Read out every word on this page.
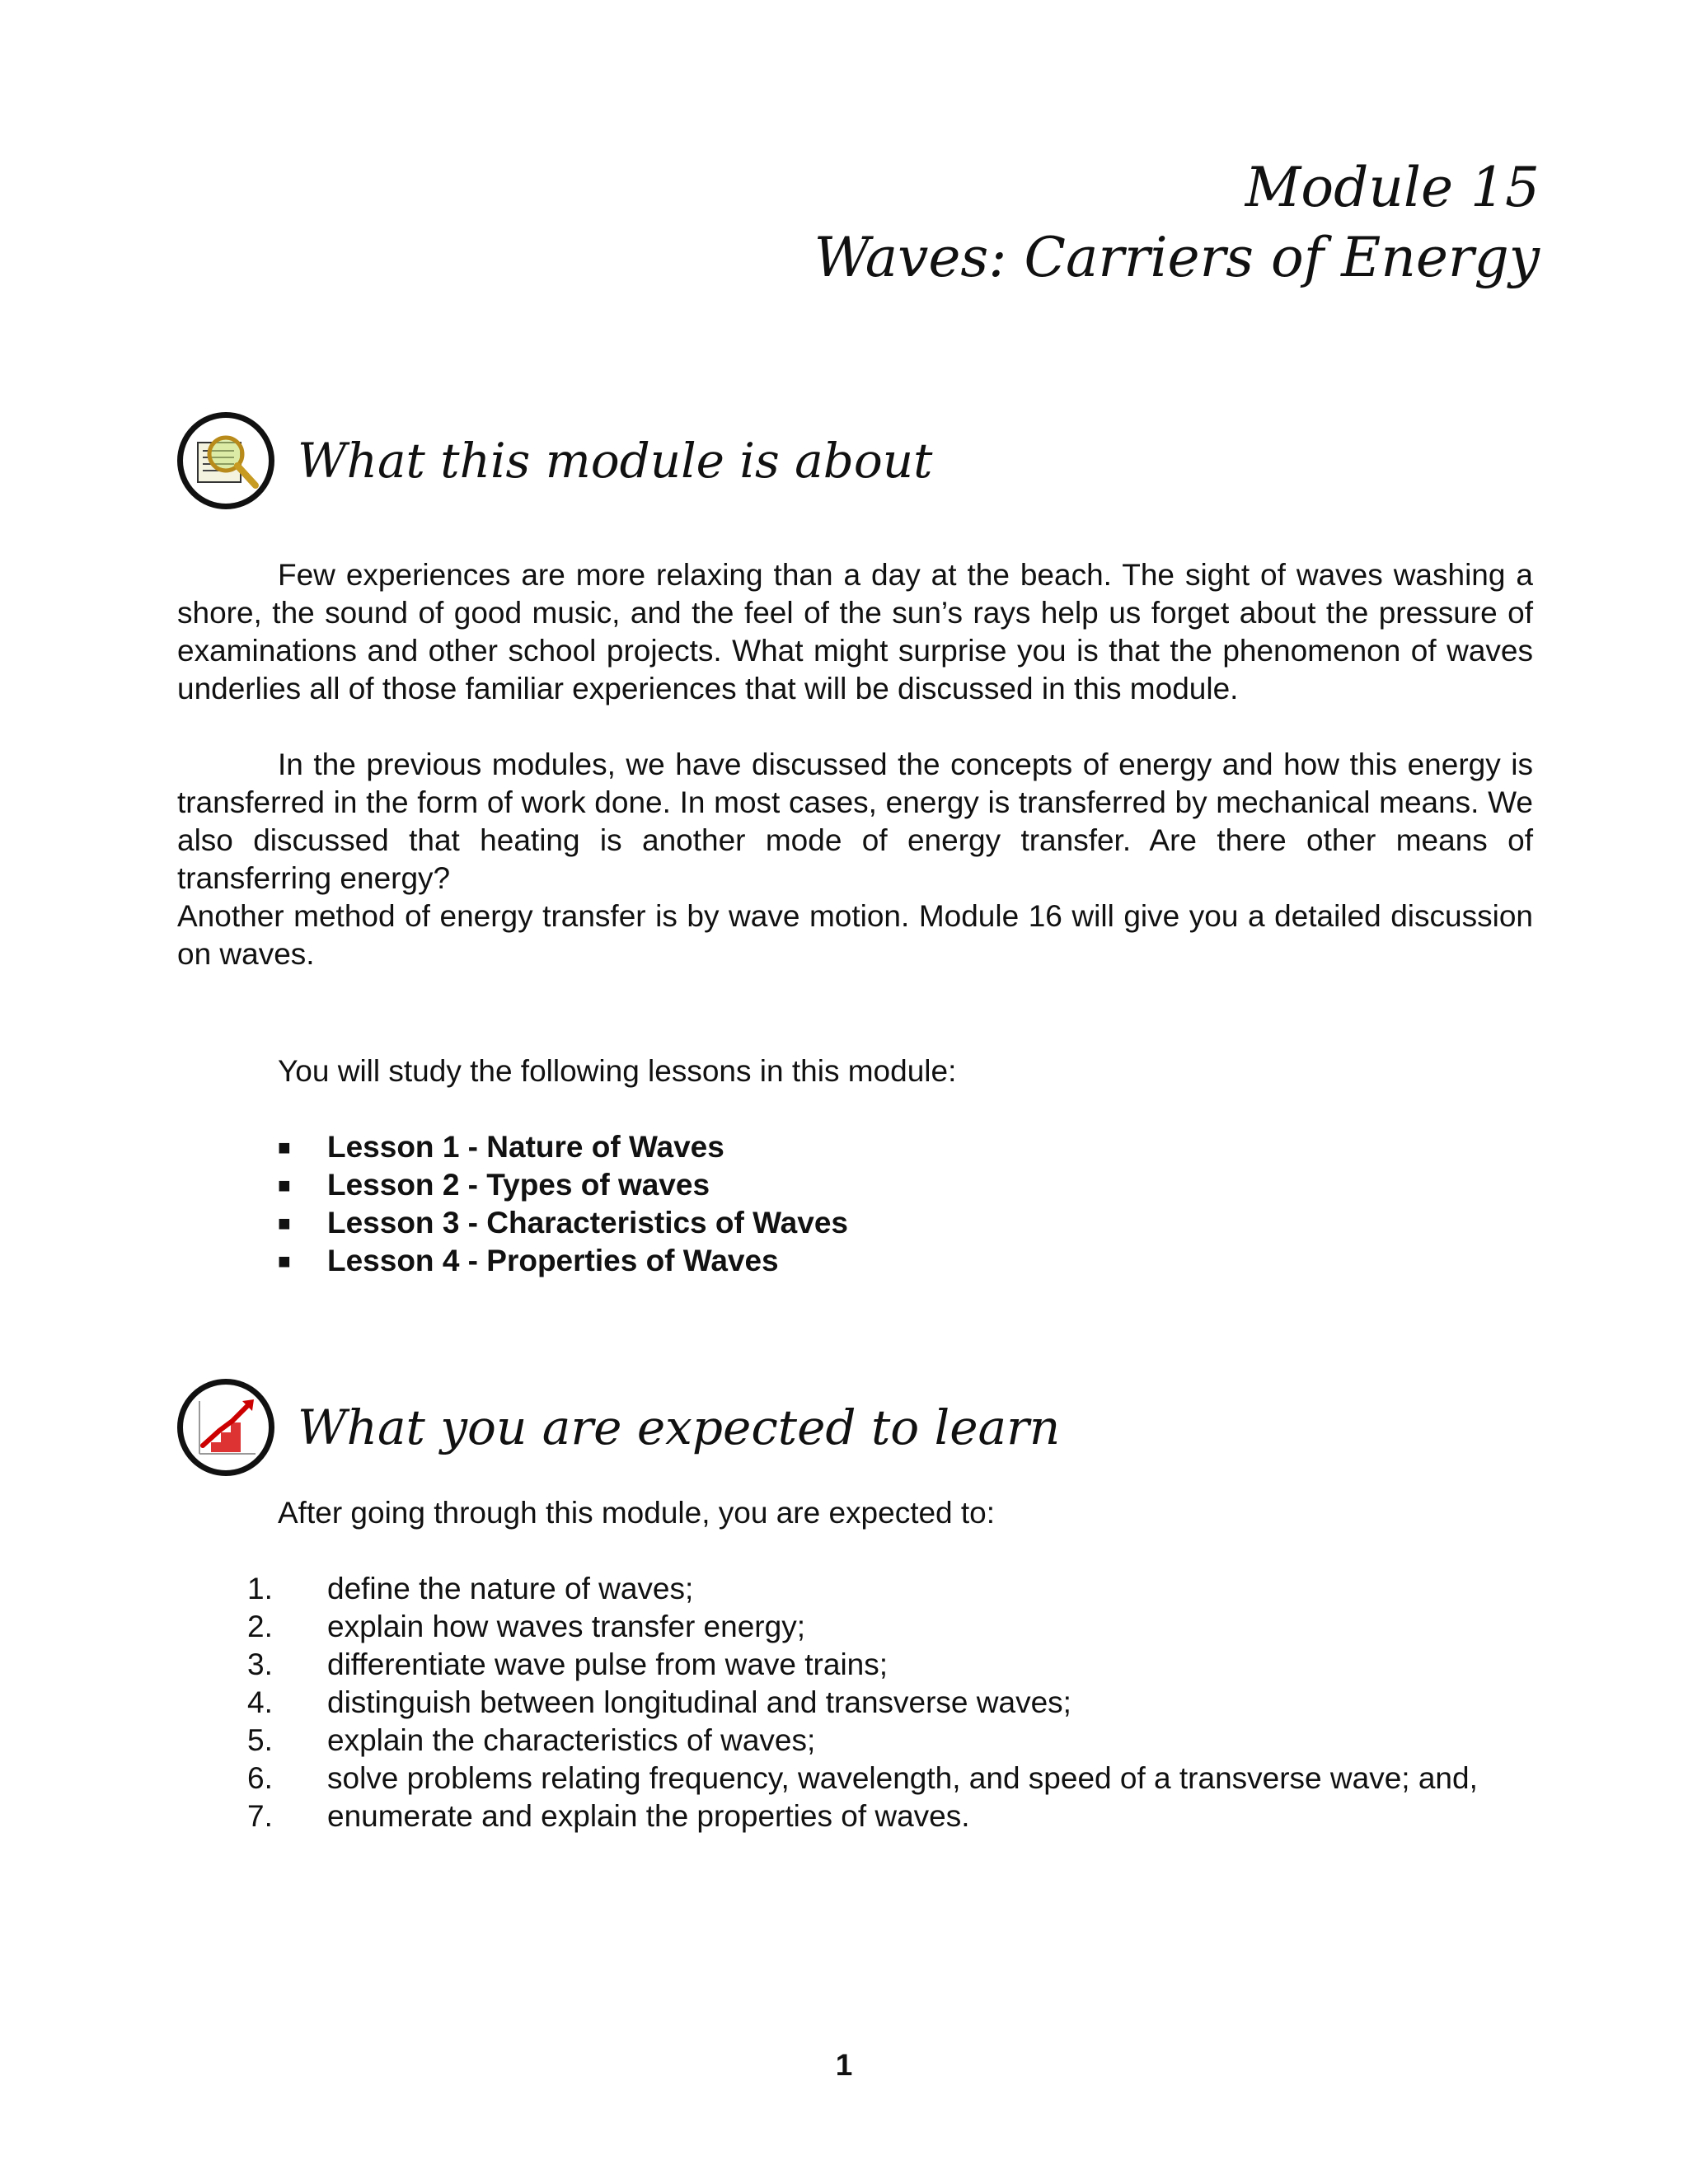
Module 15
Waves: Carriers of Energy
What this module is about

Few experiences are more relaxing than a day at the beach. The sight of waves washing a shore, the sound of good music, and the feel of the sun’s rays help us forget about the pressure of examinations and other school projects. What might surprise you is that the phenomenon of waves underlies all of those familiar experiences that will be discussed in this module.

In the previous modules, we have discussed the concepts of energy and how this energy is transferred in the form of work done. In most cases, energy is transferred by mechanical means. We also discussed that heating is another mode of energy transfer. Are there other means of transferring energy?

Another method of energy transfer is by wave motion. Module 16 will give you a detailed discussion on waves.

You will study the following lessons in this module:
■	Lesson 1 - Nature of Waves
■	Lesson 2 - Types of waves
■	Lesson 3 - Characteristics of Waves
■	Lesson 4 - Properties of Waves
What you are expected to learn
After going through this module, you are expected to:
1.	define the nature of waves;
2.	explain how waves transfer energy;
3.	differentiate wave pulse from wave trains;
4.	distinguish between longitudinal and transverse waves;
5.	explain the characteristics of waves;
6.	solve problems relating frequency, wavelength, and speed of a transverse wave; and,
7.	enumerate and explain the properties of waves.
1
